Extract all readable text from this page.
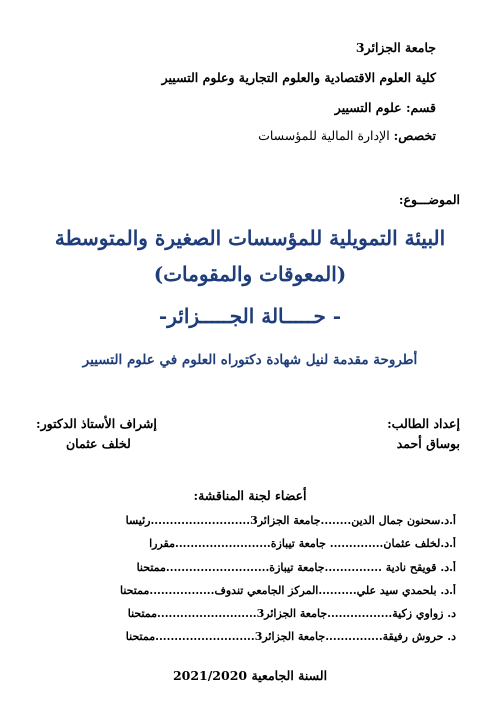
جامعة الجزائر3
كلية العلوم الاقتصادية والعلوم التجارية وعلوم التسيير
قسم: علوم التسيير
تخصص: الإدارة المالية للمؤسسات
الموضـــوع:
البيئة التمويلية للمؤسسات الصغيرة والمتوسطة
(المعوقات والمقومات)
- حـــــالة الجـــــزائر-
أطروحة مقدمة لنيل شهادة دكتوراه العلوم في علوم التسيير
إعداد الطالب:
بوساق أحمد
إشراف الأستاذ الدكتور:
لخلف عثمان
أعضاء لجنة المناقشة:
أ.د.سحنون جمال الدين........جامعة الجزائر3..........................رئيسا
أ.د.لخلف عثمان.............. جامعة تيبازة.........................مقررا
أ.د. قويقح نادية ...............جامعة تيبازة...........................ممتحنا
أ.د. بلحمدي سيد علي..........المركز الجامعي تندوف.................ممتحنا
د. زواوي زكية.................جامعة الجزائر3..........................ممتحنا
د. حروش رفيقة...............جامعة الجزائر3..........................ممتحنا
السنة الجامعية 2021/2020
